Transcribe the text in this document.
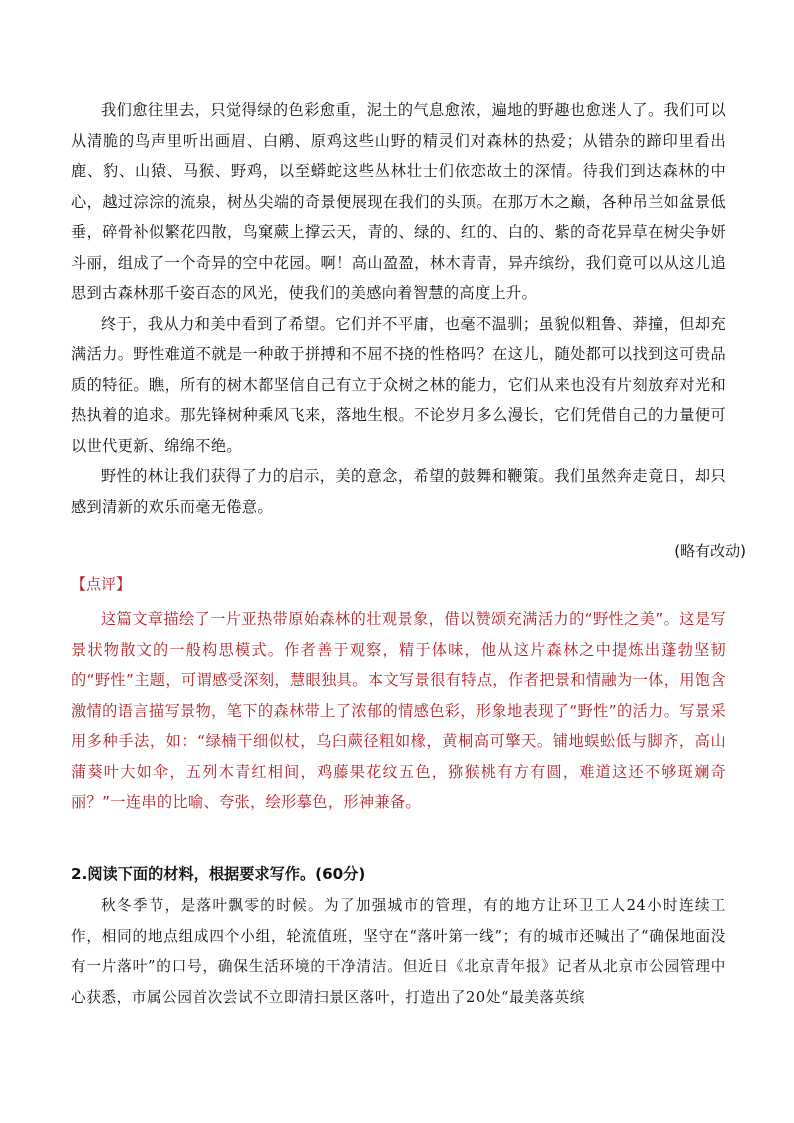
我们愈往里去，只觉得绿的色彩愈重，泥土的气息愈浓，遍地的野趣也愈迷人了。我们可以从清脆的鸟声里听出画眉、白鹇、原鸡这些山野的精灵们对森林的热爱；从错杂的蹄印里看出鹿、豹、山猿、马猴、野鸡，以至蟒蛇这些丛林壮士们依恋故土的深情。待我们到达森林的中心，越过淙淙的流泉，树丛尖端的奇景便展现在我们的头顶。在那万木之巅，各种吊兰如盆景低垂，碎骨补似繁花四散，鸟窠蕨上撑云天，青的、绿的、红的、白的、紫的奇花异草在树尖争妍斗丽，组成了一个奇异的空中花园。啊！高山盈盈，林木青青，异卉缤纷，我们竟可以从这儿追思到古森林那千姿百态的风光，使我们的美感向着智慧的高度上升。

终于，我从力和美中看到了希望。它们并不平庸，也毫不温驯；虽貌似粗鲁、莽撞，但却充满活力。野性难道不就是一种敢于拼搏和不屈不挠的性格吗？在这儿，随处都可以找到这可贵品质的特征。瞧，所有的树木都坚信自己有立于众树之林的能力，它们从来也没有片刻放弃对光和热执着的追求。那先锋树种乘风飞来，落地生根。不论岁月多么漫长，它们凭借自己的力量便可以世代更新、绵绵不绝。

野性的林让我们获得了力的启示，美的意念，希望的鼓舞和鞭策。我们虽然奔走竟日，却只感到清新的欢乐而毫无倦意。

(略有改动)
【点评】

这篇文章描绘了一片亚热带原始森林的壮观景象，借以赞颂充满活力的“野性之美”。这是写景状物散文的一般构思模式。作者善于观察，精于体味，他从这片森林之中提炼出蓬勃坚韧的“野性”主题，可谓感受深刻，慧眼独具。本文写景很有特点，作者把景和情融为一体，用饱含激情的语言描写景物，笔下的森林带上了浓郁的情感色彩，形象地表现了“野性”的活力。写景采用多种手法，如：“绿楠干细似杖，乌臼蕨径粗如椽，黄桐高可擎天。铺地蜈蚣低与脚齐，高山蒲葵叶大如伞，五列木青红相间，鸡藤果花纹五色，猕猴桃有方有圆，难道这还不够斑斓奇丽？”一连串的比喻、夸张，绘形摹色，形神兼备。

2.阅读下面的材料，根据要求写作。(60分)

秋冬季节，是落叶飘零的时候。为了加强城市的管理，有的地方让环卫工人24小时连续工作，相同的地点组成四个小组，轮流值班，坚守在“落叶第一线”；有的城市还喊出了“确保地面没有一片落叶”的口号，确保生活环境的干净清洁。但近日《北京青年报》记者从北京市公园管理中心获悉，市属公园首次尝试不立即清扫景区落叶，打造出了20处“最美落英缤
